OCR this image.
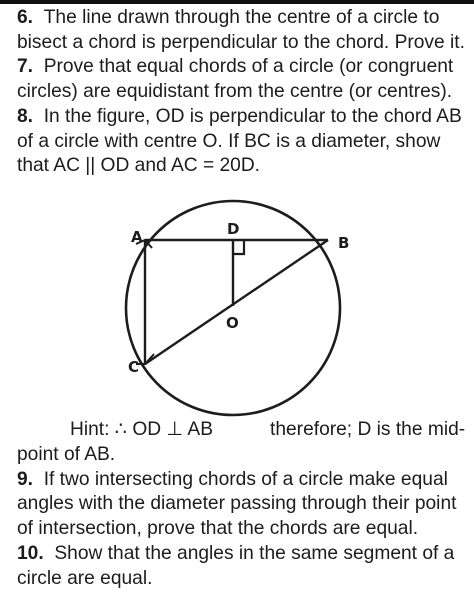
6. The line drawn through the centre of a circle to
bisect a chord is perpendicular to the chord. Prove it.
7. Prove that equal chords of a circle (or congruent
circles) are equidistant from the centre (or centres).
8. In the figure, OD is perpendicular to the chord AB
of a circle with centre O. If BC is a diameter, show
that AC || OD and AC = 20D.
A	B
C
D
O
Hint: ∴ OD ⊥ AB	therefore; D is the mid-
point of AB.
9. If two intersecting chords of a circle make equal
angles with the diameter passing through their point
of intersection, prove that the chords are equal.
10. Show that the angles in the same segment of a
circle are equal.
